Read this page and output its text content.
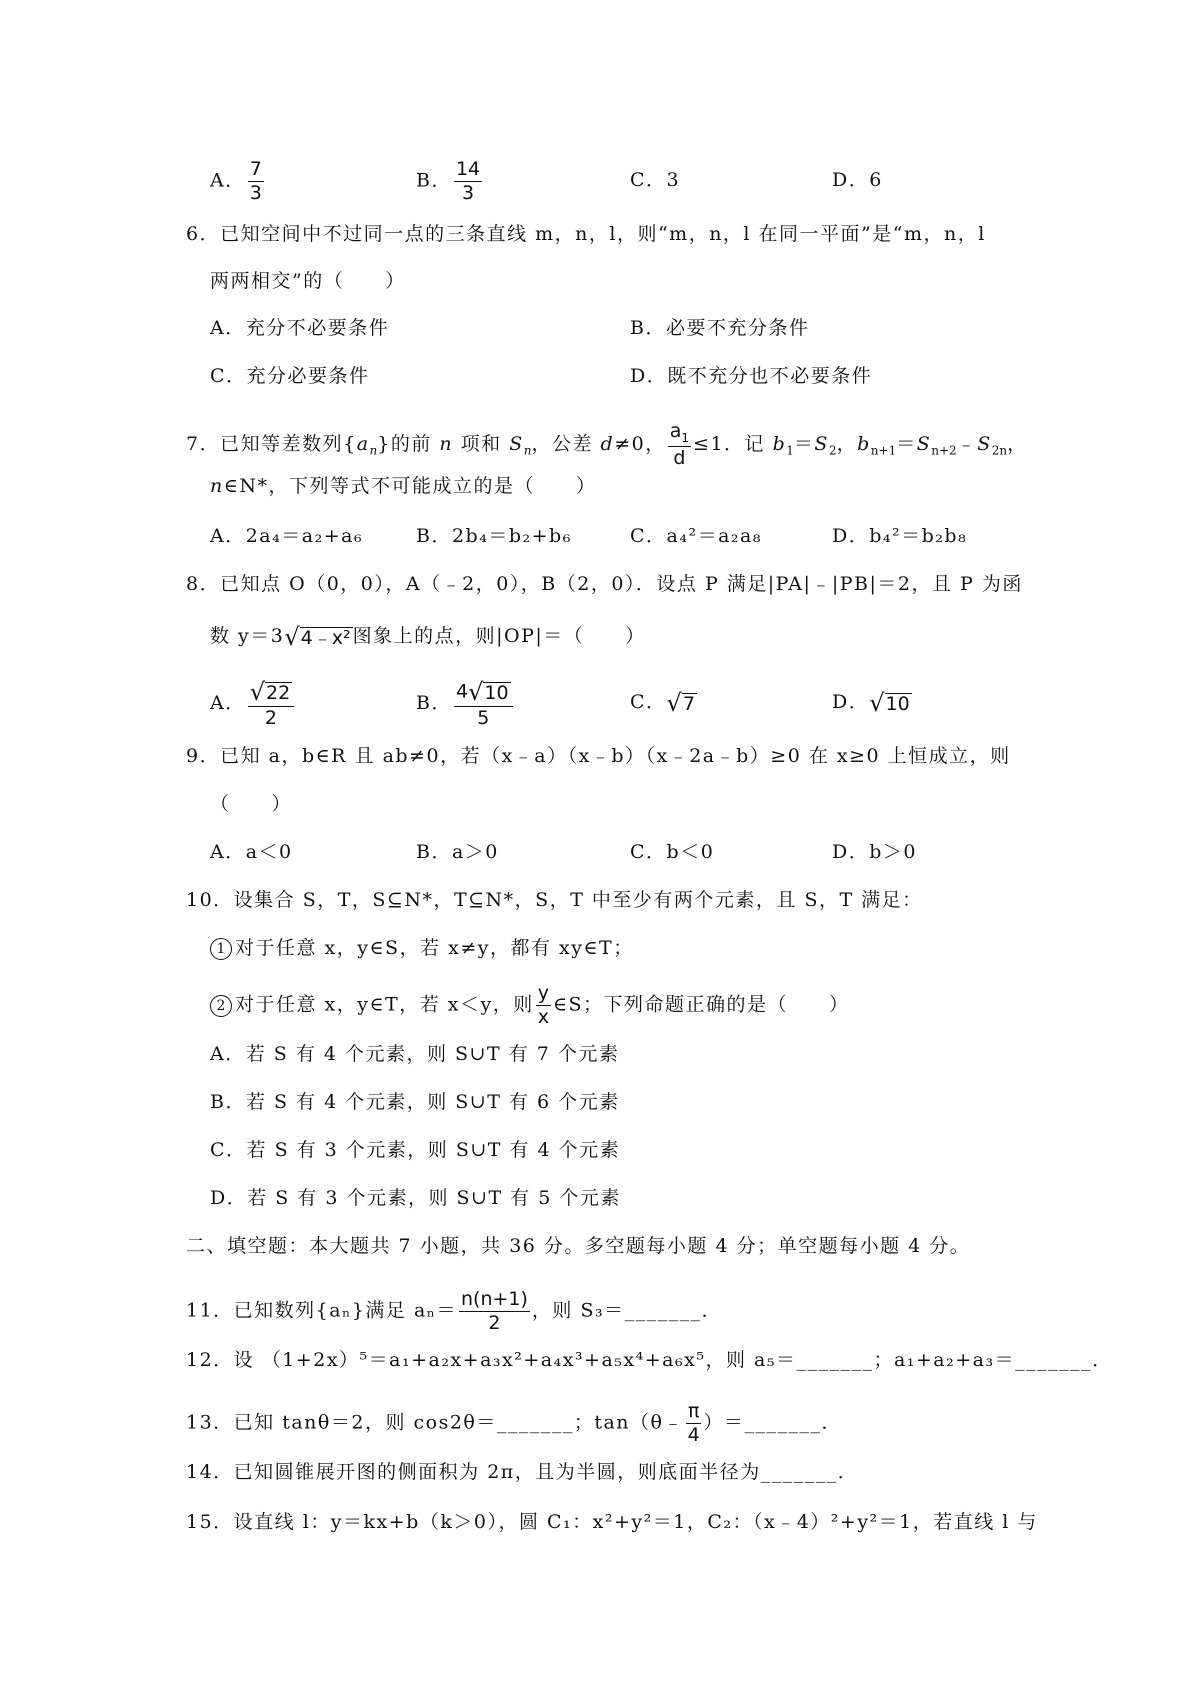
A． $\frac{7}{3}$	B． $\frac{14}{3}$	C．3	D．6
6．已知空间中不过同一点的三条直线 m，n，l，则“m，n，l 在同一平面”是“m，n，l
两两相交”的（　　）
A．充分不必要条件	B．必要不充分条件
C．充分必要条件	D．既不充分也不必要条件
7．已知等差数列$\{a_n\}$的前 n 项和 $S_n$，公差 d≠0， $\frac{a_1}{d} \le 1$．记 $b_1=S_2$，$b_{n+1}=S_{n+2}﹣S_{2n}$，
n∈N*，下列等式不可能成立的是（　　）
A．2a₄＝a₂+a₆	B．2b₄＝b₂+b₆	C．a₄²＝a₂a₈	D．b₄²＝b₂b₈
8．已知点 O（0，0），A（﹣2，0），B（2，0）．设点 P 满足|PA|﹣|PB|＝2，且 P 为函
数 y＝3 √ 4﹣x² 图象上的点，则|OP|＝（　　）
A． $\frac{√ 22}{2}$	B． $\frac{4 √ 10}{5}$	C． √ 7	D． √ 10
9．已知 a，b∈R 且 ab≠0，若（x﹣a）（x﹣b）（x﹣2a﹣b）≥0 在 x≥0 上恒成立，则
（　　）
A．a＜0	B．a＞0	C．b＜0	D．b＞0
10．设集合 S，T，S⊆N*，T⊆N*，S，T 中至少有两个元素，且 S，T 满足：
1 对于任意 x，y∈S，若 x≠y，都有 xy∈T；
2 对于任意 x，y∈T，若 x＜y，则 $\frac{y}{x}$ ∈S；下列命题正确的是（　　）
A．若 S 有 4 个元素，则 S∪T 有 7 个元素
B．若 S 有 4 个元素，则 S∪T 有 6 个元素
C．若 S 有 3 个元素，则 S∪T 有 4 个元素
D．若 S 有 3 个元素，则 S∪T 有 5 个元素
二、填空题：本大题共 7 小题，共 36 分。多空题每小题 4 分；单空题每小题 4 分。
11．已知数列{aₙ}满足 $a_n= \frac{n(n+1)}{2}$ ，则 S₃＝_______．
12．设 （1+2x）⁵＝a₁+a₂x+a₃x²+a₄x³+a₅x⁴+a₆x⁵，则 a₅＝_______；a₁+a₂+a₃＝_______．
13．已知 tanθ＝2，则 cos2θ＝_______；tan（θ﹣ $\frac{\pi}{4}$ ）＝_______．
14．已知圆锥展开图的侧面积为 2π，且为半圆，则底面半径为_______．
15．设直线 l：y＝kx+b（k＞0），圆 C₁：x²+y²＝1，C₂：（x﹣4）²+y²＝1，若直线 l 与
